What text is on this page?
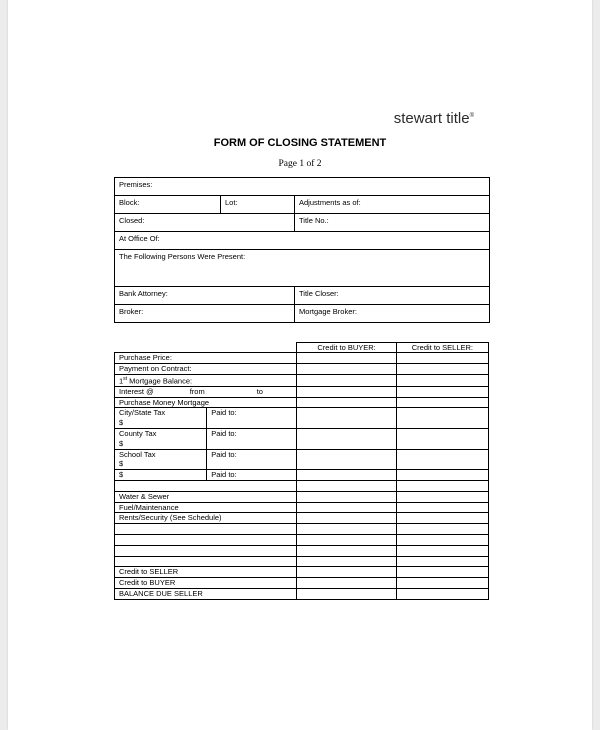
stewart title®
FORM OF CLOSING STATEMENT
Page 1 of 2
Premises:		
Block:	Lot:	Adjustments as of:
Closed:		Title No.:
At Office Of:		
The Following Persons Were Present:		
Bank Attorney:		Title Closer:
Broker:		Mortgage Broker:
		Credit to BUYER:	Credit to SELLER:
Purchase Price:			
Payment on Contract:			
1st Mortgage Balance:			
Interest @ from to			
Purchase Money Mortgage			

City/State Tax
$	Paid to:		

County Tax
$	Paid to:		

School Tax
$	Paid to:		

$	Paid to:		

Water & Sewer			
Fuel/Maintenance			
Rents/Security (See Schedule)			

Credit to SELLER			
Credit to BUYER			
BALANCE DUE SELLER			
